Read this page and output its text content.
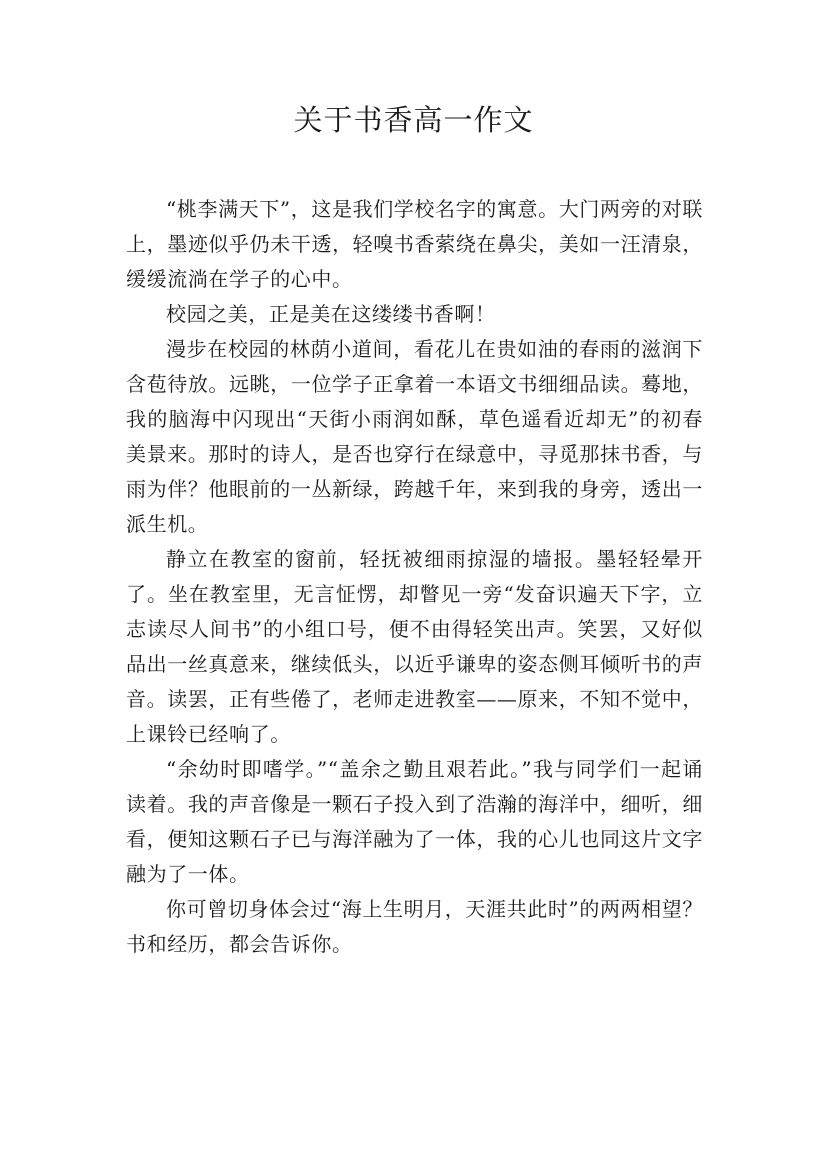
关于书香高一作文

“桃李满天下”，这是我们学校名字的寓意。大门两旁的对联上，墨迹似乎仍未干透，轻嗅书香萦绕在鼻尖，美如一汪清泉，缓缓流淌在学子的心中。

校园之美，正是美在这缕缕书香啊！

漫步在校园的林荫小道间，看花儿在贵如油的春雨的滋润下含苞待放。远眺，一位学子正拿着一本语文书细细品读。蓦地，我的脑海中闪现出“天街小雨润如酥，草色遥看近却无”的初春美景来。那时的诗人，是否也穿行在绿意中，寻觅那抹书香，与雨为伴？他眼前的一丛新绿，跨越千年，来到我的身旁，透出一派生机。

静立在教室的窗前，轻抚被细雨掠湿的墙报。墨轻轻晕开了。坐在教室里，无言怔愣，却瞥见一旁“发奋识遍天下字，立志读尽人间书”的小组口号，便不由得轻笑出声。笑罢，又好似品出一丝真意来，继续低头，以近乎谦卑的姿态侧耳倾听书的声音。读罢，正有些倦了，老师走进教室——原来，不知不觉中，上课铃已经响了。

“余幼时即嗜学。”“盖余之勤且艰若此。”我与同学们一起诵读着。我的声音像是一颗石子投入到了浩瀚的海洋中，细听，细看，便知这颗石子已与海洋融为了一体，我的心儿也同这片文字融为了一体。

你可曾切身体会过“海上生明月，天涯共此时”的两两相望？书和经历，都会告诉你。
